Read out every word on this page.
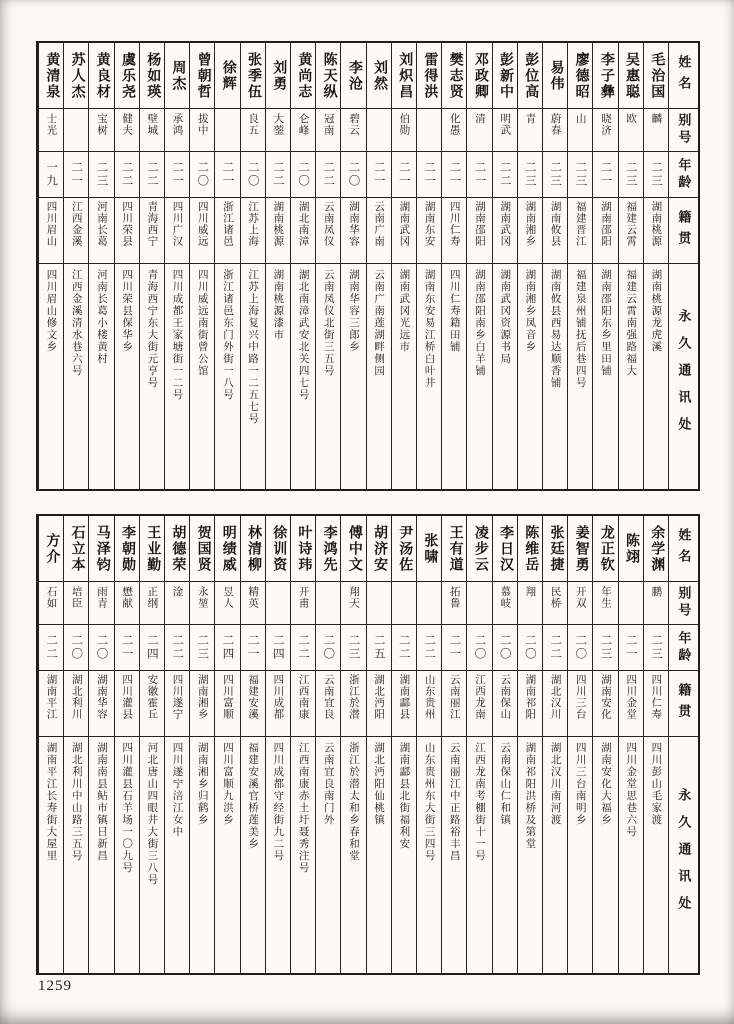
姓名
别号
年龄
籍贯
永久通讯处
毛治国
麟
二三
湖南桃源
湖南桃源龙虎溪
吴惠聪
欧
二三
福建云霄
福建云霄南强路福大
李子彝
晓济
二一
湖南邵阳
湖南邵阳东乡里田铺
廖德昭
山
二三
福建晋江
福建泉州铺抚后巷四号
易伟
蔚春
二三
湖南攸县
湖南攸县西易达顺香铺
彭位高
青
二三
湖南湘乡
湖南湘乡凤音乡
彭新中
明武
二二
湖南武冈
湖南武冈资源书局
邓政卿
清
二一
湖南邵阳
湖南邵阳南乡白羊铺
樊志贤
化愚
二一
四川仁寿
四川仁寿籍田铺
雷得洪
二一
湖南东安
湖南东安易江桥白叶井
刘炽昌
伯勋
二一
湖南武冈
湖南武冈光远市
刘然
二一
云南广南
云南广南莲湖畔侧园
李沧
碧云
二〇
湖南华容
湖南华容三郎乡
陈天纵
冠南
二二
云南凤仪
云南凤仪北街三五号
黄尚志
仑峰
二〇
湖北南漳
湖北南漳武安北关四七号
刘勇
大蓥
二二
湖南桃源
湖南桃源漆市
张季伍
良五
二〇
江苏上海
江苏上海复兴中路一二五七号
徐辉
二一
浙江诸邑
浙江诸邑东门外街一八号
曾朝哲
拔中
二〇
四川威远
四川威远南街曾公馆
周杰
承鸿
二一
四川广汉
四川成都王家塘街一二号
杨如瑛
壁城
二二
青海西宁
青海西宁东大街元亨号
虞乐尧
健夫
二二
四川荣县
四川荣县保华乡
黄良材
宝树
二三
河南长葛
河南长葛小楼黄村
苏人杰
二一
江西金溪
江西金溪清水巷六号
黄清泉
士光
一九
四川眉山
四川眉山修文乡
姓名
别号
年龄
籍贯
永久通讯处
余学渊
鹏
二三
四川仁寿
四川彭山毛家渡
陈翊
二一
四川金堂
四川金堂思巷六号
龙正钦
年生
二三
湖南安化
湖南安化大福乡
姜智勇
开双
二〇
四川三台
四川三台南明乡
张廷捷
民桥
二二
湖北汉川
湖北汉川南河渡
陈维岳
翔
二〇
湖南祁阳
湖南祁阳洪桥及第堂
李日汉
慕岐
二〇
云南保山
云南保山仁和镇
凌步云
二〇
江西龙南
江西龙南考棚街十一号
王有道
拓鲁
二一
云南丽江
云南丽江中正路裕丰昌
张啸
二二
山东贵州
山东贵州东大街三四号
尹汤佐
二二
湖南酃县
湖南酃县北街福利安
胡济安
二五
湖北沔阳
湖北沔阳仙桃镇
傅中文
翔天
二三
浙江於潜
浙江於潜太和乡春和堂
李鸿先
二〇
云南宜良
云南宜良南门外
叶诗玮
开甫
二二
江西南康
江西南康赤土圩聂秀注号
徐训资
二四
四川成都
四川成都守经街九二号
林清柳
精英
二一
福建安溪
福建安溪官桥莲美乡
明绩威
昱人
二四
四川富顺
四川富顺九洪乡
贺国贤
永堃
二三
湖南湘乡
湖南湘乡归鹤乡
胡德荣
淦
二二
四川遂宁
四川遂宁涪江女中
王业勤
正纲
二四
安徽霍丘
河北唐山四眼井大街三八号
李朝勋
懋献
二一
四川灌县
四川灌县石羊场一〇九号
马泽钧
雨青
二〇
湖南华容
湖南南县鲇市镇日新昌
石立本
培臣
二〇
湖北利川
湖北利川中山路三五号
方介
石如
二二
湖南平江
湖南平江长寿街大屋里
1259
